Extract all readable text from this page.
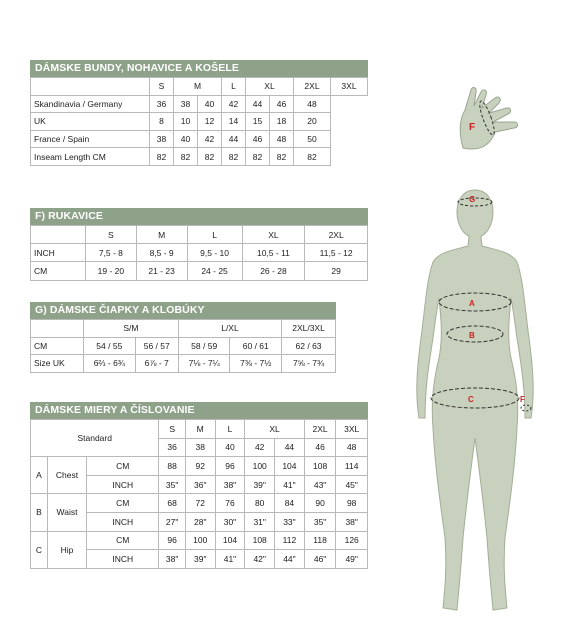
DÁMSKE BUNDY, NOHAVICE A KOŠELE
	S	M		L	XL		2XL	3XL
Skandinavia / Germany	36	38	40	42	44	46	48	
UK	8	10	12	14	15	18	20	
France / Spain	38	40	42	44	46	48	50	
Inseam Length CM	82	82	82	82	82	82	82	
F) RUKAVICE
	S	M	L	XL	2XL
INCH	7,5 - 8	8,5 - 9	9,5 - 10	10,5 - 11	11,5 - 12
CM	19 - 20	21 - 23	24 - 25	26 - 28	29
G) DÁMSKE ČIAPKY A KLOBÚKY
	S/M		L/XL		2XL/3XL
CM	54 / 55	56 / 57	58 / 59	60 / 61	62 / 63
Size UK	6⅔ - 6¾	6⅞ - 7	7⅛ - 7¼	7⅜ - 7½	7⅝ - 7¾
DÁMSKE MIERY A ČÍSLOVANIE
Standard			S	M	L	XL		2XL	3XL
			36	38	40	42	44	46	48
A	Chest	CM	88	92	96	100	104	108	114
		INCH	35"	36"	38"	39"	41"	43"	45"
B	Waist	CM	68	72	76	80	84	90	98
		INCH	27"	28"	30"	31"	33"	35"	38"
C	Hip	CM	96	100	104	108	112	118	126
		INCH	38"	39"	41"	42"	44"	46"	49"
F
G
A
B
C	F
